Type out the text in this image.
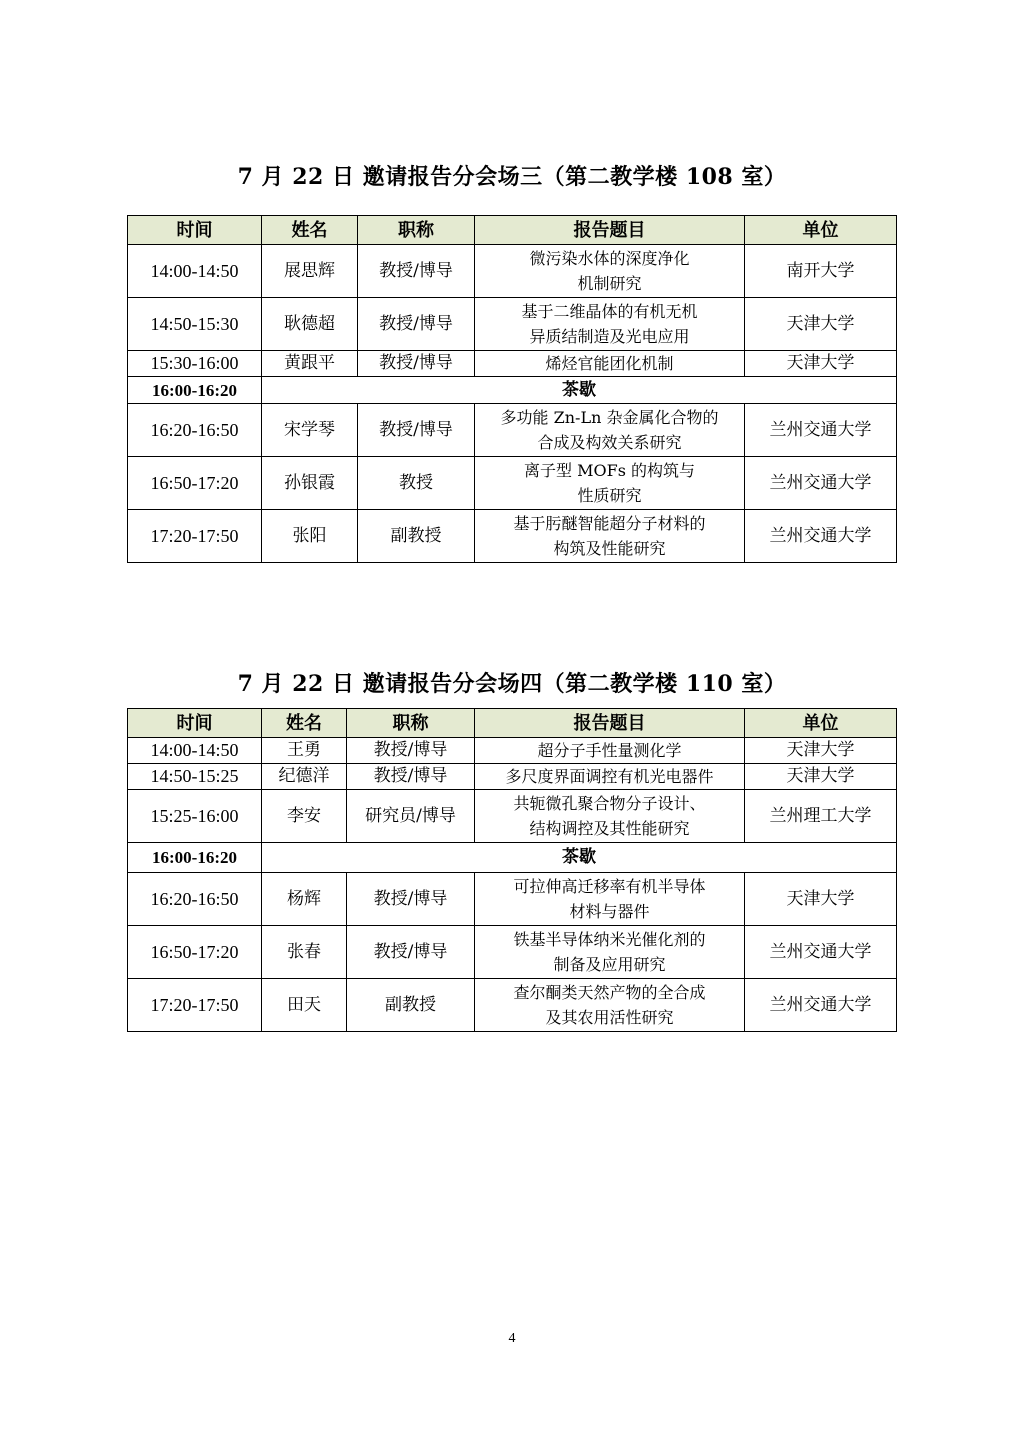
7 月 22 日 邀请报告分会场三（第二教学楼 108 室）
时间	姓名	职称	报告题目	单位
14:00-14:50	展思辉	教授/博导	微污染水体的深度净化
机制研究	南开大学
14:50-15:30	耿德超	教授/博导	基于二维晶体的有机无机
异质结制造及光电应用	天津大学
15:30-16:00	黄跟平	教授/博导	烯烃官能团化机制	天津大学
16:00-16:20	茶歇			
16:20-16:50	宋学琴	教授/博导	多功能 Zn-Ln 杂金属化合物的
合成及构效关系研究	兰州交通大学
16:50-17:20	孙银霞	教授	离子型 MOFs 的构筑与
性质研究	兰州交通大学
17:20-17:50	张阳	副教授	基于肟醚智能超分子材料的
构筑及性能研究	兰州交通大学
7 月 22 日 邀请报告分会场四（第二教学楼 110 室）
时间	姓名	职称	报告题目	单位
14:00-14:50	王勇	教授/博导	超分子手性量测化学	天津大学
14:50-15:25	纪德洋	教授/博导	多尺度界面调控有机光电器件	天津大学
15:25-16:00	李安	研究员/博导	共轭微孔聚合物分子设计、
结构调控及其性能研究	兰州理工大学
16:00-16:20	茶歇			
16:20-16:50	杨辉	教授/博导	可拉伸高迁移率有机半导体
材料与器件	天津大学
16:50-17:20	张春	教授/博导	铁基半导体纳米光催化剂的
制备及应用研究	兰州交通大学
17:20-17:50	田天	副教授	查尔酮类天然产物的全合成
及其农用活性研究	兰州交通大学
4
